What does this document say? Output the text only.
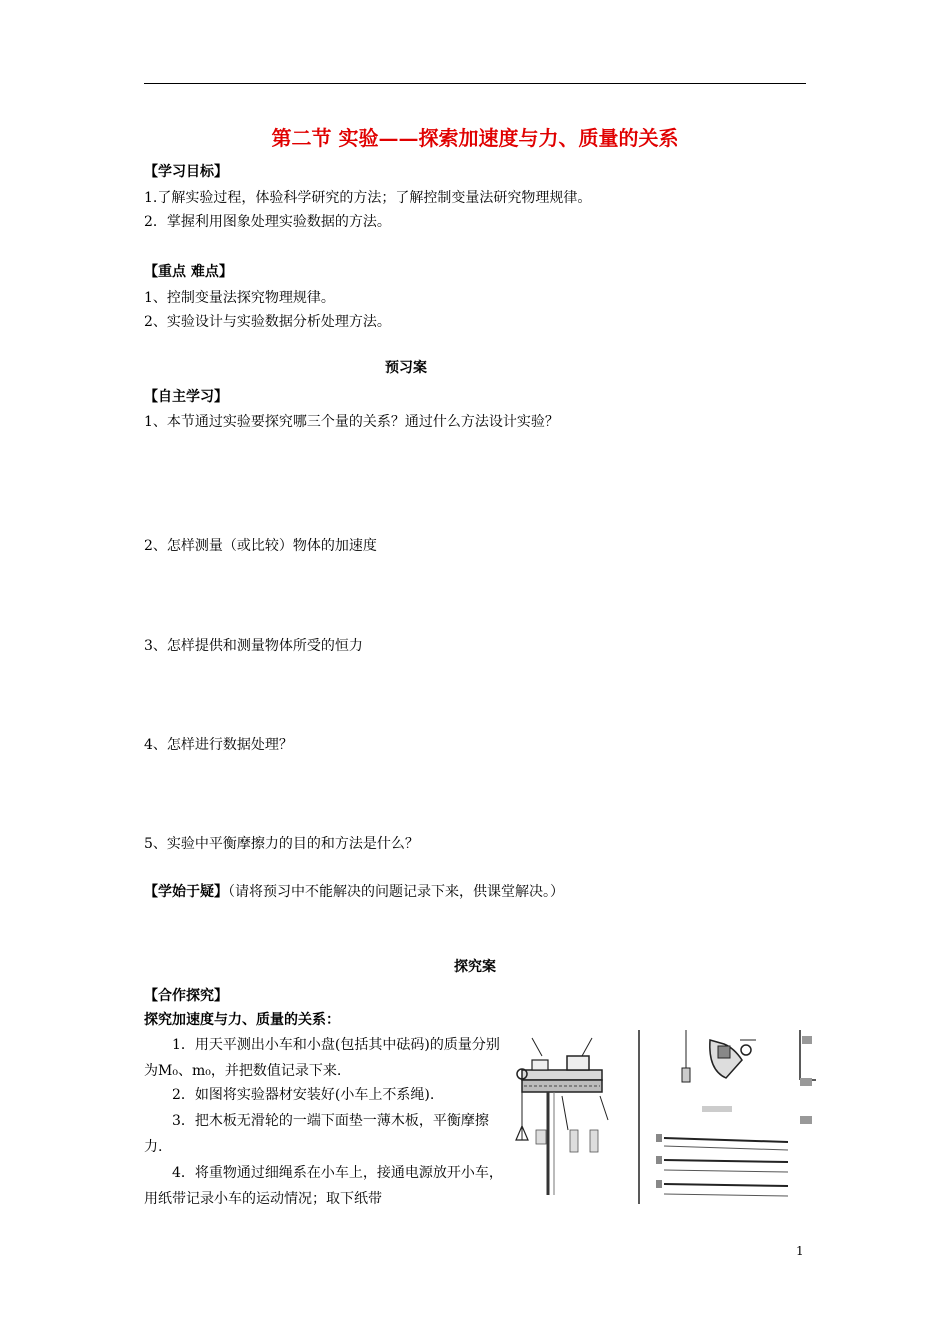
第二节 实验——探索加速度与力、质量的关系
【学习目标】
1.了解实验过程，体验科学研究的方法；了解控制变量法研究物理规律。
2．掌握利用图象处理实验数据的方法。
【重点 难点】
1、控制变量法探究物理规律。
2、实验设计与实验数据分析处理方法。
预习案
【自主学习】
1、本节通过实验要探究哪三个量的关系？通过什么方法设计实验？
2、怎样测量（或比较）物体的加速度
3、怎样提供和测量物体所受的恒力
4、怎样进行数据处理？
5、实验中平衡摩擦力的目的和方法是什么？
【学始于疑】（请将预习中不能解决的问题记录下来，供课堂解决。）
探究案
【合作探究】
探究加速度与力、质量的关系：
1．用天平测出小车和小盘(包括其中砝码)的质量分别为M₀、m₀，并把数值记录下来.
2．如图将实验器材安装好(小车上不系绳).
3．把木板无滑轮的一端下面垫一薄木板，平衡摩擦力.
4．将重物通过细绳系在小车上，接通电源放开小车，用纸带记录小车的运动情况；取下纸带
1
